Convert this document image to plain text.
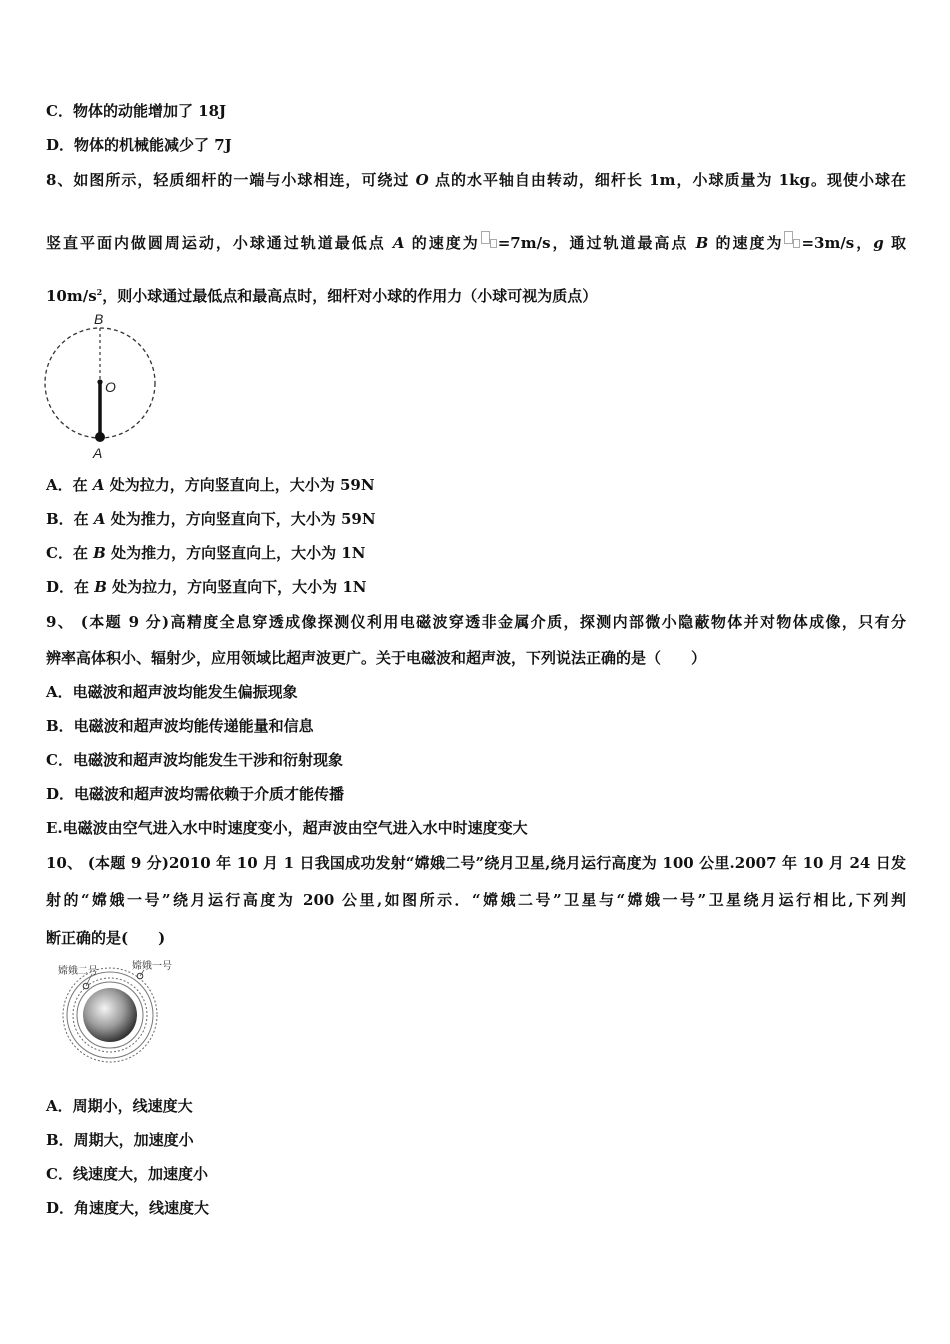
C．物体的动能增加了 18J
D．物体的机械能减少了 7J
8、如图所示，轻质细杆的一端与小球相连，可绕过 O 点的水平轴自由转动，细杆长 1m，小球质量为 1kg。现使小球在
竖直平面内做圆周运动，小球通过轨道最低点 A 的速度为 =7m/s，通过轨道最高点 B 的速度为 =3m/s，g 取
$10m/s^2$，则小球通过最低点和最高点时，细杆对小球的作用力（小球可视为质点）
B
O
A
A．在 A 处为拉力，方向竖直向上，大小为 59N
B．在 A 处为推力，方向竖直向下，大小为 59N
C．在 B 处为推力，方向竖直向上，大小为 1N
D．在 B 处为拉力，方向竖直向下，大小为 1N
9、 (本题 9 分)高精度全息穿透成像探测仪利用电磁波穿透非金属介质，探测内部微小隐蔽物体并对物体成像，只有分
辨率高体积小、辐射少，应用领域比超声波更广。关于电磁波和超声波，下列说法正确的是（　　）
A．电磁波和超声波均能发生偏振现象
B．电磁波和超声波均能传递能量和信息
C．电磁波和超声波均能发生干涉和衍射现象
D．电磁波和超声波均需依赖于介质才能传播
E.电磁波由空气进入水中时速度变小，超声波由空气进入水中时速度变大
10、 (本题 9 分)2010 年 10 月 1 日我国成功发射“嫦娥二号”绕月卫星,绕月运行高度为 100 公里.2007 年 10 月 24 日发
射的“嫦娥一号”绕月运行高度为 200 公里,如图所示．“嫦娥二号”卫星与“嫦娥一号”卫星绕月运行相比,下列判
断正确的是(　　)
嫦娥二号	嫦娥一号
A．周期小，线速度大
B．周期大，加速度小
C．线速度大，加速度小
D．角速度大，线速度大
